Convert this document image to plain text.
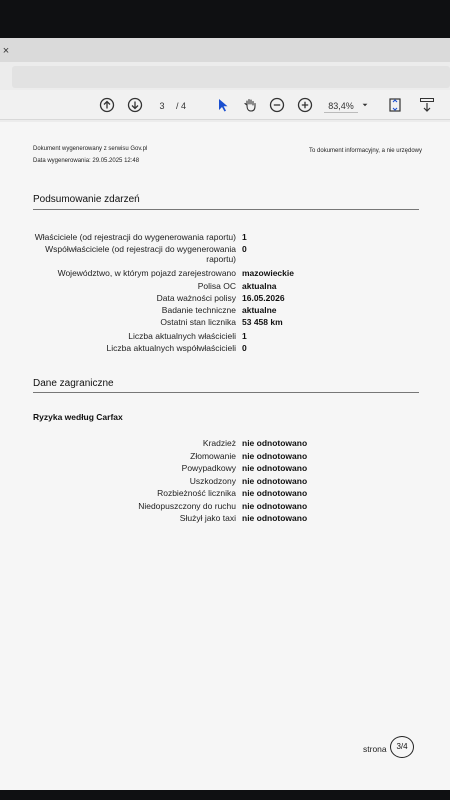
×
3	/ 4	83,4%
Dokument wygenerowany z serwisu Gov.pl
Data wygenerowania: 29.05.2025 12:48
To dokument informacyjny, a nie urzędowy
Podsumowanie zdarzeń
Właściciele (od rejestracji do wygenerowania raportu) 1
Współwłaściciele (od rejestracji do wygenerowania
raportu)
0
Województwo, w którym pojazd zarejestrowano mazowieckie
Polisa OC aktualna
Data ważności polisy 16.05.2026
Badanie techniczne aktualne
Ostatni stan licznika 53 458 km
Liczba aktualnych właścicieli 1
Liczba aktualnych współwłaścicieli 0
Dane zagraniczne
Ryzyka według Carfax
Kradzież nie odnotowano
Złomowanie nie odnotowano
Powypadkowy nie odnotowano
Uszkodzony nie odnotowano
Rozbieżność licznika nie odnotowano
Niedopuszczony do ruchu nie odnotowano
Służył jako taxi nie odnotowano
strona	3/4
